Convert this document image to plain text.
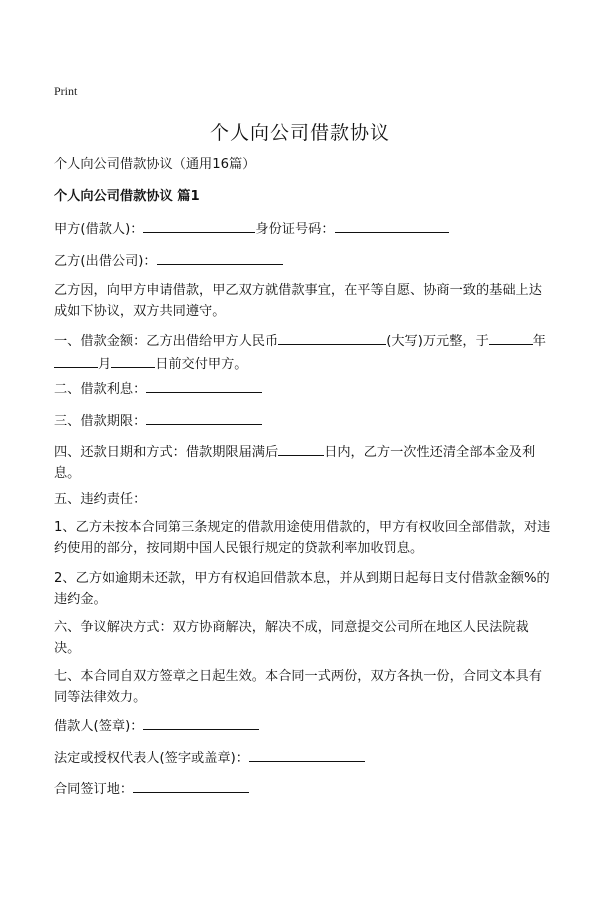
Print
个人向公司借款协议

个人向公司借款协议（通用16篇）

个人向公司借款协议 篇1

甲方(借款人)：	身份证号码：

乙方(出借公司)：

乙方因，向甲方申请借款，甲乙双方就借款事宜，在平等自愿、协商一致的基础上达成如下协议，双方共同遵守。

一、借款金额：乙方出借给甲方人民币	(大写)万元整，于	年月	日前交付甲方。

二、借款利息：

三、借款期限：

四、还款日期和方式：借款期限届满后	日内，乙方一次性还清全部本金及利息。

五、违约责任：

1、乙方未按本合同第三条规定的借款用途使用借款的，甲方有权收回全部借款，对违约使用的部分，按同期中国人民银行规定的贷款利率加收罚息。

2、乙方如逾期未还款，甲方有权追回借款本息，并从到期日起每日支付借款金额%的违约金。

六、争议解决方式：双方协商解决，解决不成，同意提交公司所在地区人民法院裁决。

七、本合同自双方签章之日起生效。本合同一式两份，双方各执一份，合同文本具有同等法律效力。

借款人(签章)：

法定或授权代表人(签字或盖章)：

合同签订地：
